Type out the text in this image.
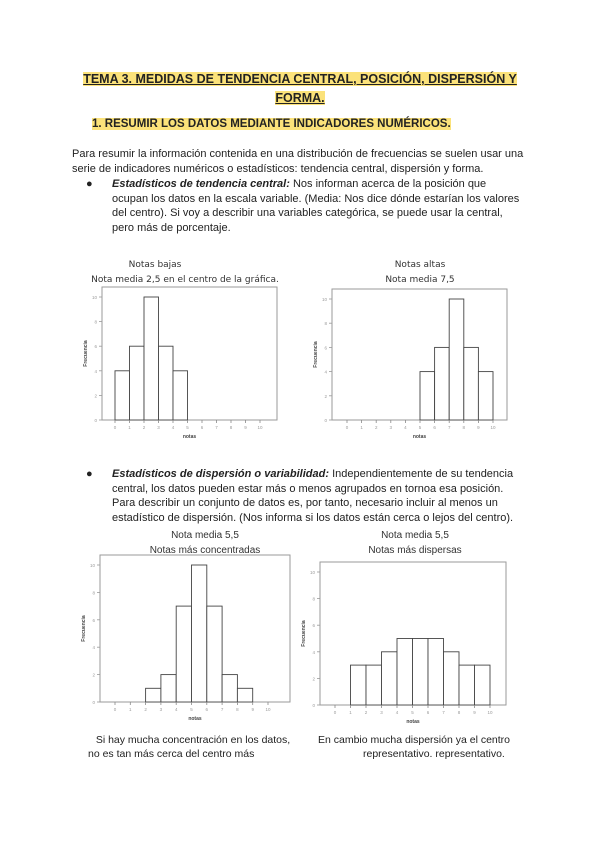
TEMA 3. MEDIDAS DE TENDENCIA CENTRAL, POSICIÓN, DISPERSIÓN Y
FORMA.
1. RESUMIR LOS DATOS MEDIANTE INDICADORES NUMÉRICOS.
Para resumir la información contenida en una distribución de frecuencias se suelen usar una serie de indicadores numéricos o estadísticos: tendencia central, dispersión y forma.
●	Estadísticos de tendencia central: Nos informan acerca de la posición que ocupan los datos en la escala variable. (Media: Nos dice dónde estarían los valores del centro). Si voy a describir una variables categórica, se puede usar la central, pero más de porcentaje.
Notas bajas
Nota media 2,5 en el centro de la gráfica.
0
2
4
6
8
10
0	1	2	3	4	5	6	7	8	9 10
notas
Frecuencia
Notas altas
Nota media 7,5
0
2
4
6
8
10
0	1	2	3	4	5	6	7	8	9 10
notas
Frecuencia
●	Estadísticos de dispersión o variabilidad: Independientemente de su tendencia central, los datos pueden estar más o menos agrupados en tornoa esa posición. Para describir un conjunto de datos es, por tanto, necesario incluir al menos un estadístico de dispersión. (Nos informa si los datos están cerca o lejos del centro).
Nota media 5,5
Notas más concentradas
0
2
4
6
8
10
0	1	2	3	4	5	6	7	8	9	10
notas
Frecuencia
Nota media 5,5
Notas más dispersas
0
2
4
6
8
10
0	1	2	3	4	5	6	7	8	9	10
notas
Frecuencia
Si hay mucha concentración en los datos,
no es tan más cerca del centro más
En cambio mucha dispersión ya el centro
representativo. representativo.
